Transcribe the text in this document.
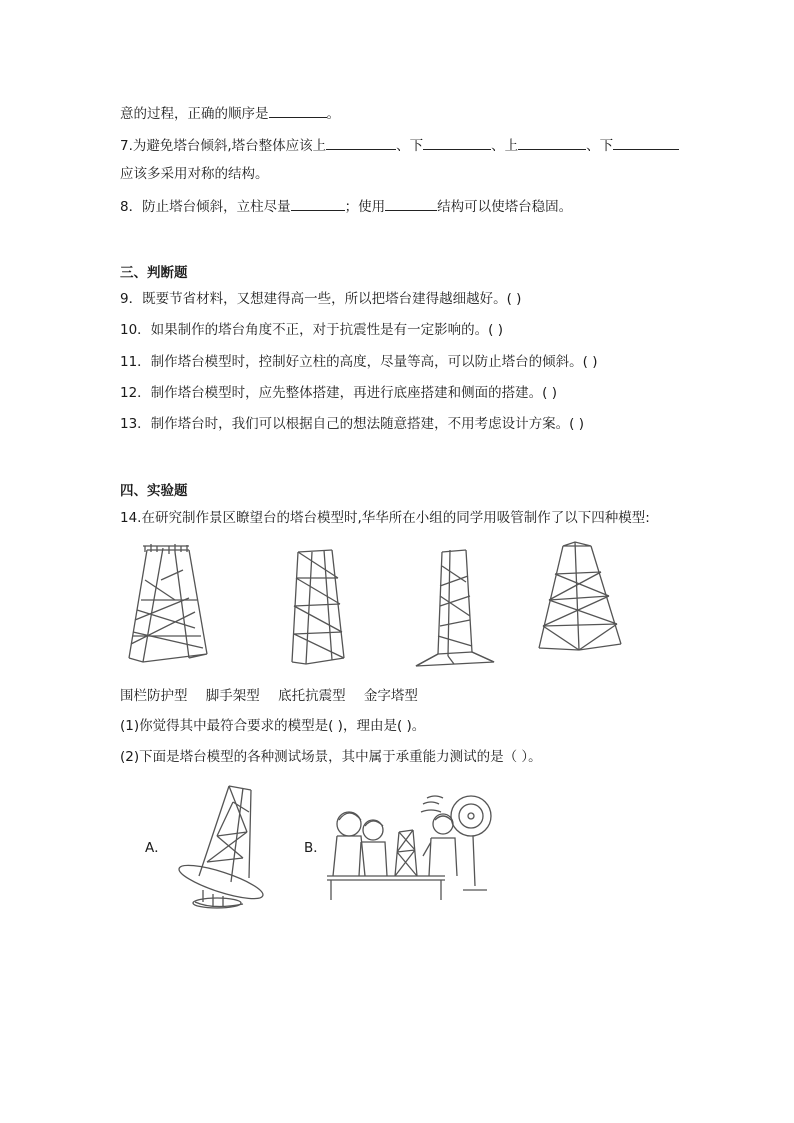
意的过程，正确的顺序是	。
7.为避免塔台倾斜,塔台整体应该上	、下	、上	、下
应该多采用对称的结构。
8．防止塔台倾斜，立柱尽量	；使用	结构可以使塔台稳固。
三、判断题
9．既要节省材料，又想建得高一些，所以把塔台建得越细越好。( )
10．如果制作的塔台角度不正，对于抗震性是有一定影响的。( )
11．制作塔台模型时，控制好立柱的高度，尽量等高，可以防止塔台的倾斜。( )
12．制作塔台模型时，应先整体搭建，再进行底座搭建和侧面的搭建。( )
13．制作塔台时，我们可以根据自己的想法随意搭建，不用考虑设计方案。( )
四、实验题
14.在研究制作景区瞭望台的塔台模型时,华华所在小组的同学用吸管制作了以下四种模型:
围栏防护型 脚手架型 底托抗震型 金字塔型
(1)你觉得其中最符合要求的模型是( )，理由是( )。
(2)下面是塔台模型的各种测试场景，其中属于承重能力测试的是（ ）。
A．	B．
